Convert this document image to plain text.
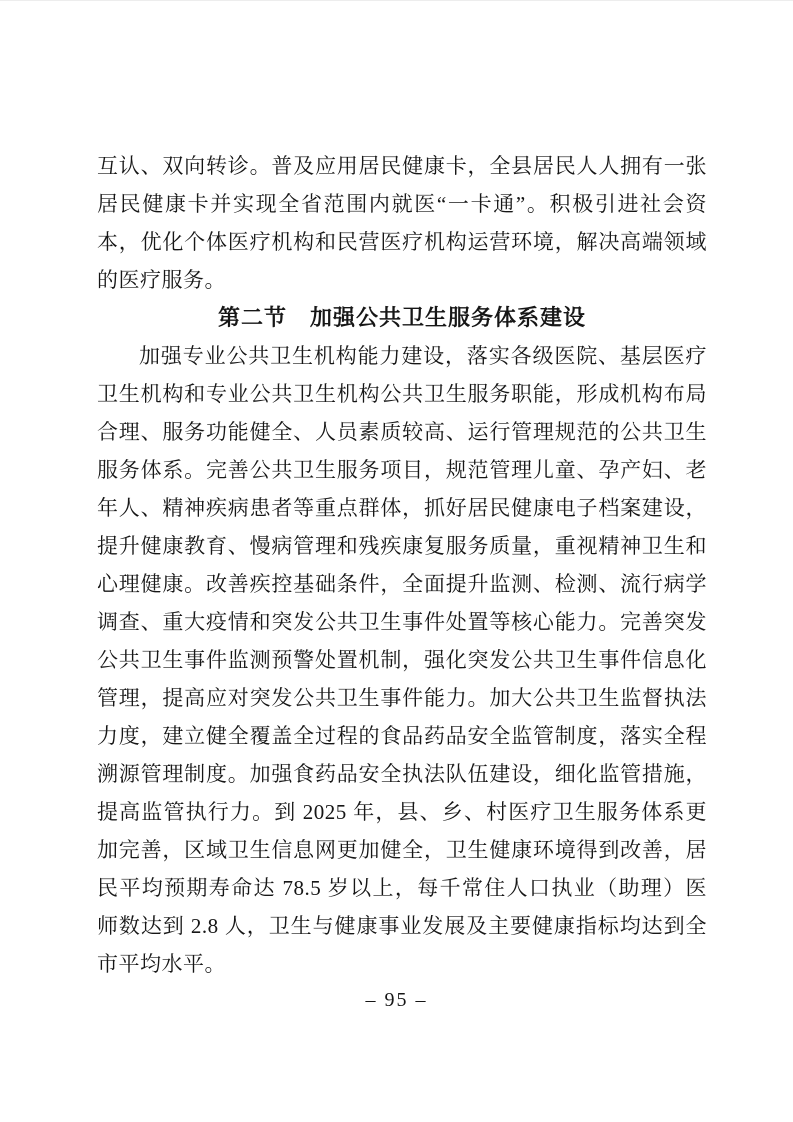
互认、双向转诊。普及应用居民健康卡，全县居民人人拥有一张

居民健康卡并实现全省范围内就医“一卡通”。积极引进社会资

本，优化个体医疗机构和民营医疗机构运营环境，解决高端领域

的医疗服务。

第二节　加强公共卫生服务体系建设

加强专业公共卫生机构能力建设，落实各级医院、基层医疗

卫生机构和专业公共卫生机构公共卫生服务职能，形成机构布局

合理、服务功能健全、人员素质较高、运行管理规范的公共卫生

服务体系。完善公共卫生服务项目，规范管理儿童、孕产妇、老

年人、精神疾病患者等重点群体，抓好居民健康电子档案建设，

提升健康教育、慢病管理和残疾康复服务质量，重视精神卫生和

心理健康。改善疾控基础条件，全面提升监测、检测、流行病学

调查、重大疫情和突发公共卫生事件处置等核心能力。完善突发

公共卫生事件监测预警处置机制，强化突发公共卫生事件信息化

管理，提高应对突发公共卫生事件能力。加大公共卫生监督执法

力度，建立健全覆盖全过程的食品药品安全监管制度，落实全程

溯源管理制度。加强食药品安全执法队伍建设，细化监管措施，

提高监管执行力。到 2025 年，县、乡、村医疗卫生服务体系更

加完善，区域卫生信息网更加健全，卫生健康环境得到改善，居

民平均预期寿命达 78.5 岁以上，每千常住人口执业（助理）医

师数达到 2.8 人，卫生与健康事业发展及主要健康指标均达到全

市平均水平。

– 95 –
